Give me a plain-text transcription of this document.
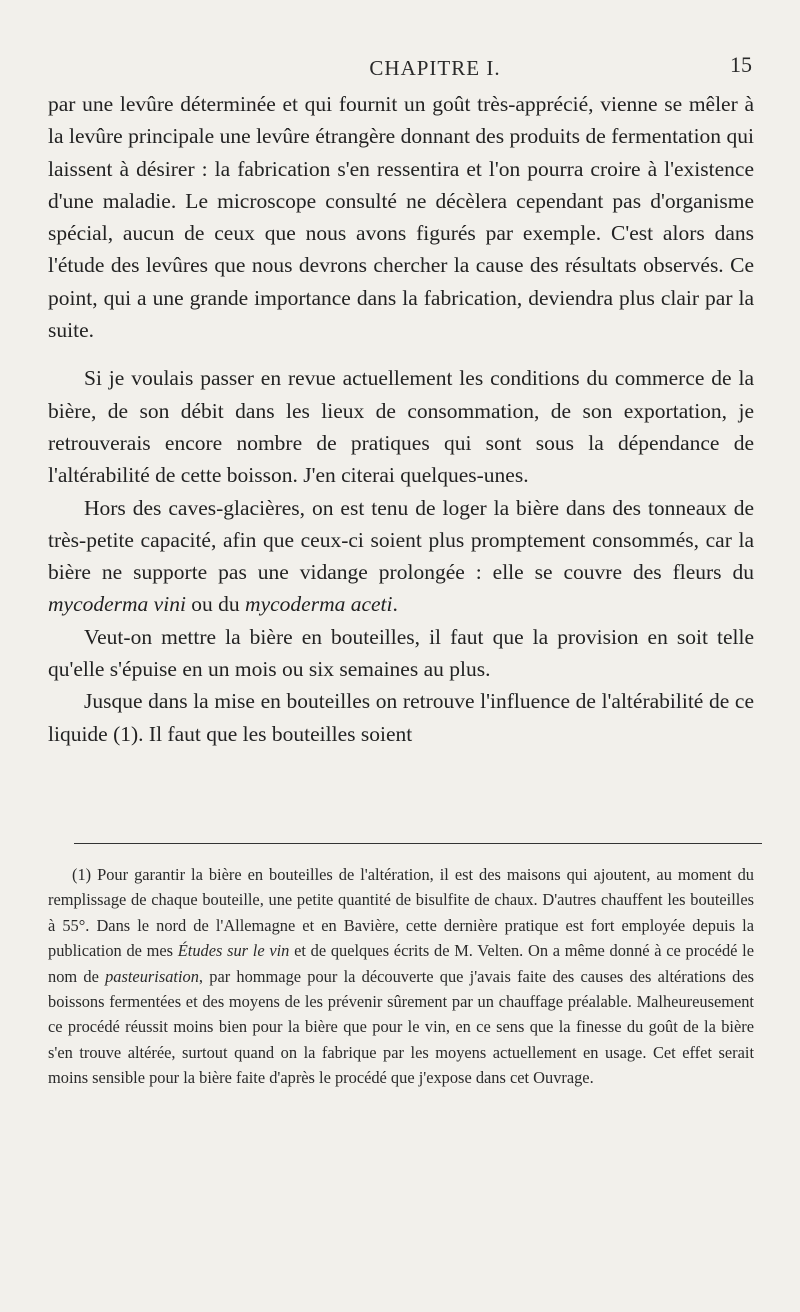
CHAPITRE I.	15

par une levûre déterminée et qui fournit un goût très-apprécié, vienne se mêler à la levûre principale une levûre étrangère donnant des produits de fermentation qui laissent à désirer : la fabrication s'en ressentira et l'on pourra croire à l'existence d'une maladie. Le microscope consulté ne décèlera cependant pas d'organisme spécial, aucun de ceux que nous avons figurés par exemple. C'est alors dans l'étude des levûres que nous devrons chercher la cause des résultats observés. Ce point, qui a une grande importance dans la fabrication, deviendra plus clair par la suite.

Si je voulais passer en revue actuellement les conditions du commerce de la bière, de son débit dans les lieux de consommation, de son exportation, je retrouverais encore nombre de pratiques qui sont sous la dépendance de l'altérabilité de cette boisson. J'en citerai quelques-unes.

Hors des caves-glacières, on est tenu de loger la bière dans des tonneaux de très-petite capacité, afin que ceux-ci soient plus promptement consommés, car la bière ne supporte pas une vidange prolongée : elle se couvre des fleurs du mycoderma vini ou du mycoderma aceti.

Veut-on mettre la bière en bouteilles, il faut que la provision en soit telle qu'elle s'épuise en un mois ou six semaines au plus.

Jusque dans la mise en bouteilles on retrouve l'influence de l'altérabilité de ce liquide (1). Il faut que les bouteilles soient

(1) Pour garantir la bière en bouteilles de l'altération, il est des maisons qui ajoutent, au moment du remplissage de chaque bouteille, une petite quantité de bisulfite de chaux. D'autres chauffent les bouteilles à 55°. Dans le nord de l'Allemagne et en Bavière, cette dernière pratique est fort employée depuis la publication de mes Études sur le vin et de quelques écrits de M. Velten. On a même donné à ce procédé le nom de pasteurisation, par hommage pour la découverte que j'avais faite des causes des altérations des boissons fermentées et des moyens de les prévenir sûrement par un chauffage préalable. Malheureusement ce procédé réussit moins bien pour la bière que pour le vin, en ce sens que la finesse du goût de la bière s'en trouve altérée, surtout quand on la fabrique par les moyens actuellement en usage. Cet effet serait moins sensible pour la bière faite d'après le procédé que j'expose dans cet Ouvrage.
